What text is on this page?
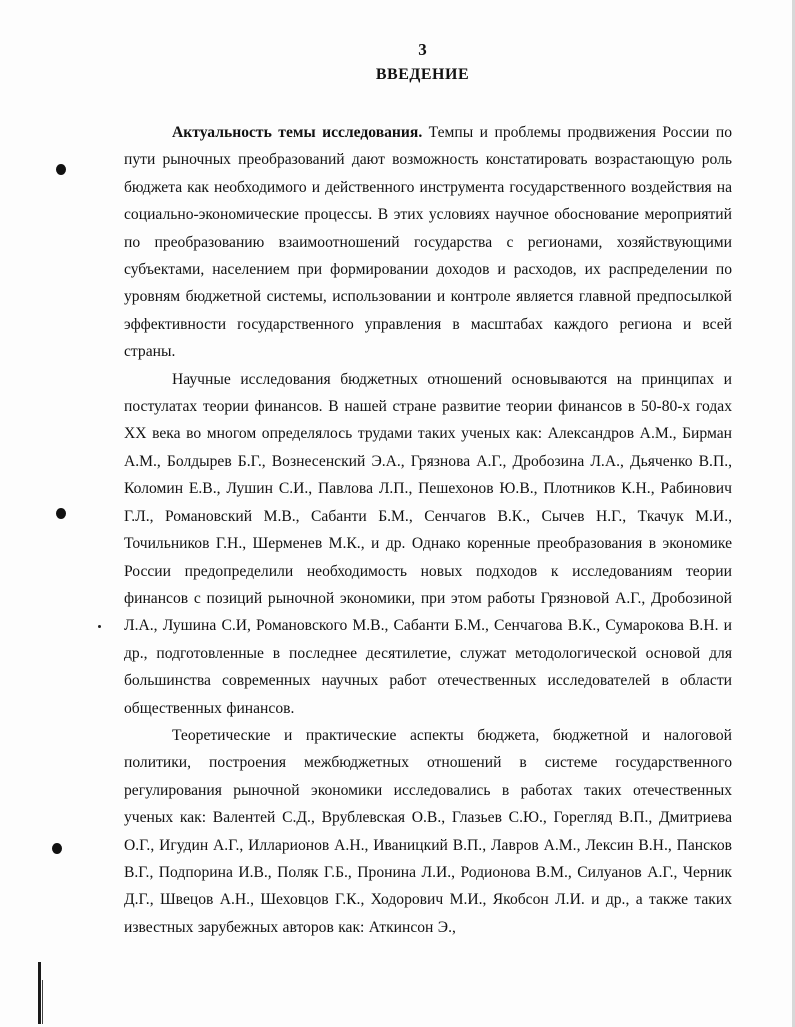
3
ВВЕДЕНИЕ

Актуальность темы исследования. Темпы и проблемы продвижения России по пути рыночных преобразований дают возможность констатировать возрастающую роль бюджета как необходимого и действенного инструмента государственного воздействия на социально-экономические процессы. В этих условиях научное обоснование мероприятий по преобразованию взаимоотношений государства с регионами, хозяйствующими субъектами, населением при формировании доходов и расходов, их распределении по уровням бюджетной системы, использовании и контроле является главной предпосылкой эффективности государственного управления в масштабах каждого региона и всей страны.

Научные исследования бюджетных отношений основываются на принципах и постулатах теории финансов. В нашей стране развитие теории финансов в 50-80-х годах XX века во многом определялось трудами таких ученых как: Александров А.М., Бирман А.М., Болдырев Б.Г., Вознесенский Э.А., Грязнова А.Г., Дробозина Л.А., Дьяченко В.П., Коломин Е.В., Лушин С.И., Павлова Л.П., Пешехонов Ю.В., Плотников К.Н., Рабинович Г.Л., Романовский М.В., Сабанти Б.М., Сенчагов В.К., Сычев Н.Г., Ткачук М.И., Точильников Г.Н., Шерменев М.К., и др. Однако коренные преобразования в экономике России предопределили необходимость новых подходов к исследованиям теории финансов с позиций рыночной экономики, при этом работы Грязновой А.Г., Дробозиной Л.А., Лушина С.И, Романовского М.В., Сабанти Б.М., Сенчагова В.К., Сумарокова В.Н. и др., подготовленные в последнее десятилетие, служат методологической основой для большинства современных научных работ отечественных исследователей в области общественных финансов.

Теоретические и практические аспекты бюджета, бюджетной и налоговой политики, построения межбюджетных отношений в системе государственного регулирования рыночной экономики исследовались в работах таких отечественных ученых как: Валентей С.Д., Врублевская О.В., Глазьев С.Ю., Горегляд В.П., Дмитриева О.Г., Игудин А.Г., Илларионов А.Н., Иваницкий В.П., Лавров А.М., Лексин В.Н., Пансков В.Г., Подпорина И.В., Поляк Г.Б., Пронина Л.И., Родионова В.М., Силуанов А.Г., Черник Д.Г., Швецов А.Н., Шеховцов Г.К., Ходорович М.И., Якобсон Л.И. и др., а также таких известных зарубежных авторов как: Аткинсон Э.,
